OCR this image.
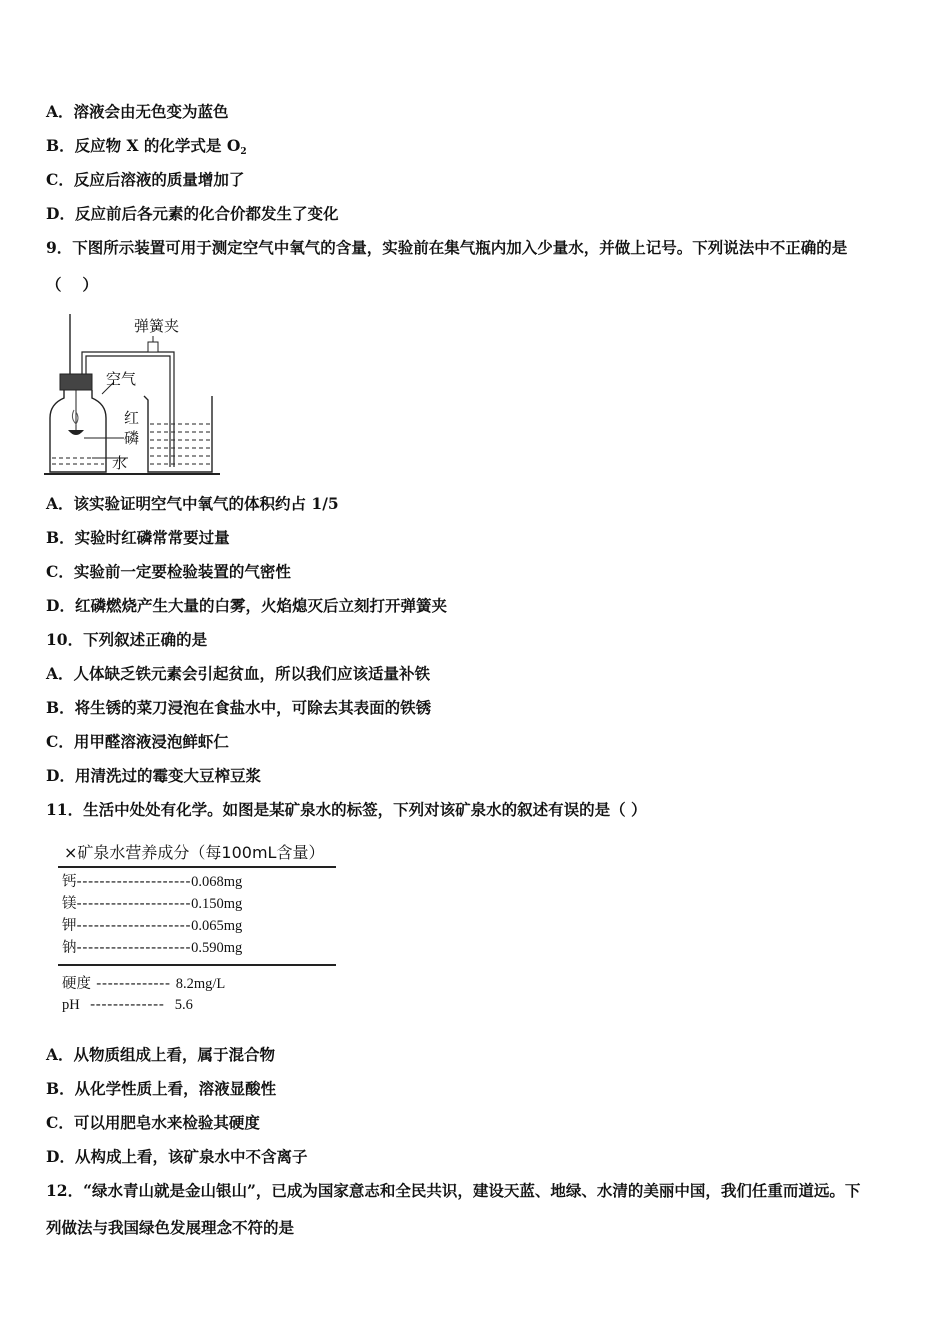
A．溶液会由无色变为蓝色
B．反应物 X 的化学式是 $O_2$
C．反应后溶液的质量增加了
D．反应前后各元素的化合价都发生了变化
9．下图所示装置可用于测定空气中氧气的含量，实验前在集气瓶内加入少量水，并做上记号。下列说法中不正确的是
（　 ）
弹簧夹
空气
红磷
水
A．该实验证明空气中氧气的体积约占 1/5
B．实验时红磷常常要过量
C．实验前一定要检验装置的气密性
D．红磷燃烧产生大量的白雾，火焰熄灭后立刻打开弹簧夹
10．下列叙述正确的是
A．人体缺乏铁元素会引起贫血，所以我们应该适量补铁
B．将生锈的菜刀浸泡在食盐水中，可除去其表面的铁锈
C．用甲醛溶液浸泡鲜虾仁
D．用清洗过的霉变大豆榨豆浆
11．生活中处处有化学。如图是某矿泉水的标签，下列对该矿泉水的叙述有误的是（ ）
×矿泉水营养成分（每100mL含量）
钙--------------------0.068mg
镁--------------------0.150mg
钾--------------------0.065mg
钠--------------------0.590mg
硬度 ------------- 8.2mg/L
pH  -------------  5.6
A．从物质组成上看，属于混合物
B．从化学性质上看，溶液显酸性
C．可以用肥皂水来检验其硬度
D．从构成上看，该矿泉水中不含离子
12．“绿水青山就是金山银山”，已成为国家意志和全民共识，建设天蓝、地绿、水清的美丽中国，我们任重而道远。下
列做法与我国绿色发展理念不符的是
